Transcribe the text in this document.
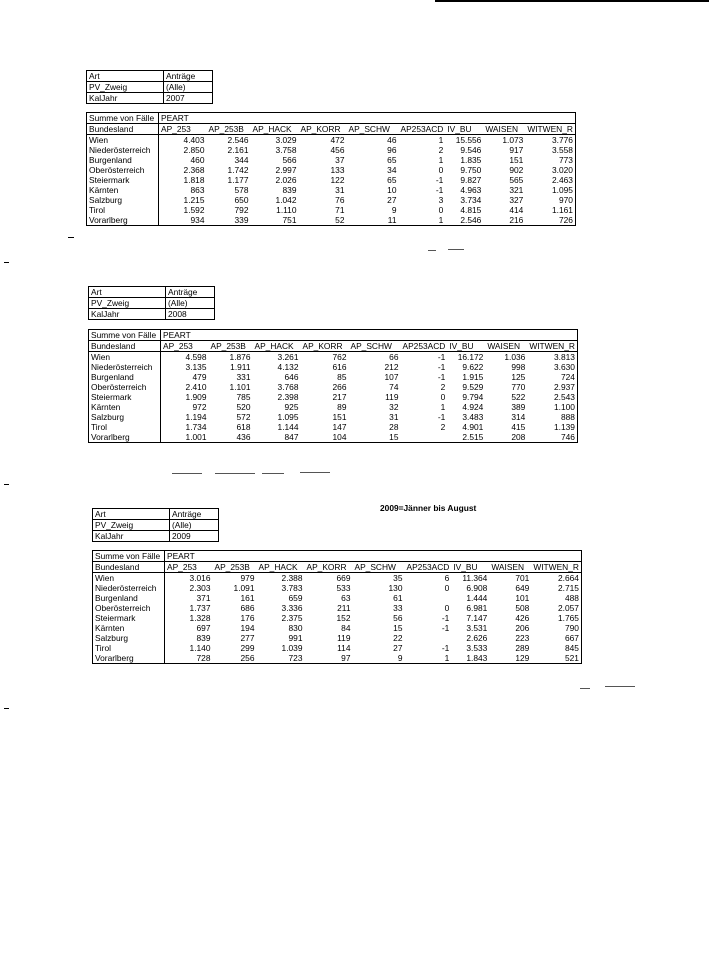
Art	Anträge
PV_Zweig	(Alle)
KalJahr	2007
Summe von Fälle	PEART								
Bundesland	AP_253	AP_253B	AP_HACK	AP_KORR	AP_SCHW	AP253ACD	IV_BU	WAISEN	WITWEN_R
Wien	4.403	2.546	3.029	472	46	1	15.556	1.073	3.776
Niederösterreich	2.850	2.161	3.758	456	96	2	9.546	917	3.558
Burgenland	460	344	566	37	65	1	1.835	151	773
Oberösterreich	2.368	1.742	2.997	133	34	0	9.750	902	3.020
Steiermark	1.818	1.177	2.026	122	65	-1	9.827	565	2.463
Kärnten	863	578	839	31	10	-1	4.963	321	1.095
Salzburg	1.215	650	1.042	76	27	3	3.734	327	970
Tirol	1.592	792	1.110	71	9	0	4.815	414	1.161
Vorarlberg	934	339	751	52	11	1	2.546	216	726
Art	Anträge
PV_Zweig	(Alle)
KalJahr	2008
Summe von Fälle	PEART								
Bundesland	AP_253	AP_253B	AP_HACK	AP_KORR	AP_SCHW	AP253ACD	IV_BU	WAISEN	WITWEN_R
Wien	4.598	1.876	3.261	762	66	-1	16.172	1.036	3.813
Niederösterreich	3.135	1.911	4.132	616	212	-1	9.622	998	3.630
Burgenland	479	331	646	85	107	-1	1.915	125	724
Oberösterreich	2.410	1.101	3.768	266	74	2	9.529	770	2.937
Steiermark	1.909	785	2.398	217	119	0	9.794	522	2.543
Kärnten	972	520	925	89	32	1	4.924	389	1.100
Salzburg	1.194	572	1.095	151	31	-1	3.483	314	888
Tirol	1.734	618	1.144	147	28	2	4.901	415	1.139
Vorarlberg	1.001	436	847	104	15		2.515	208	746
Art	Anträge
PV_Zweig	(Alle)
KalJahr	2009
2009=Jänner bis August
Summe von Fälle	PEART								
Bundesland	AP_253	AP_253B	AP_HACK	AP_KORR	AP_SCHW	AP253ACD	IV_BU	WAISEN	WITWEN_R
Wien	3.016	979	2.388	669	35	6	11.364	701	2.664
Niederösterreich	2.303	1.091	3.783	533	130	0	6.908	649	2.715
Burgenland	371	161	659	63	61		1.444	101	488
Oberösterreich	1.737	686	3.336	211	33	0	6.981	508	2.057
Steiermark	1.328	176	2.375	152	56	-1	7.147	426	1.765
Kärnten	697	194	830	84	15	-1	3.531	206	790
Salzburg	839	277	991	119	22		2.626	223	667
Tirol	1.140	299	1.039	114	27	-1	3.533	289	845
Vorarlberg	728	256	723	97	9	1	1.843	129	521
